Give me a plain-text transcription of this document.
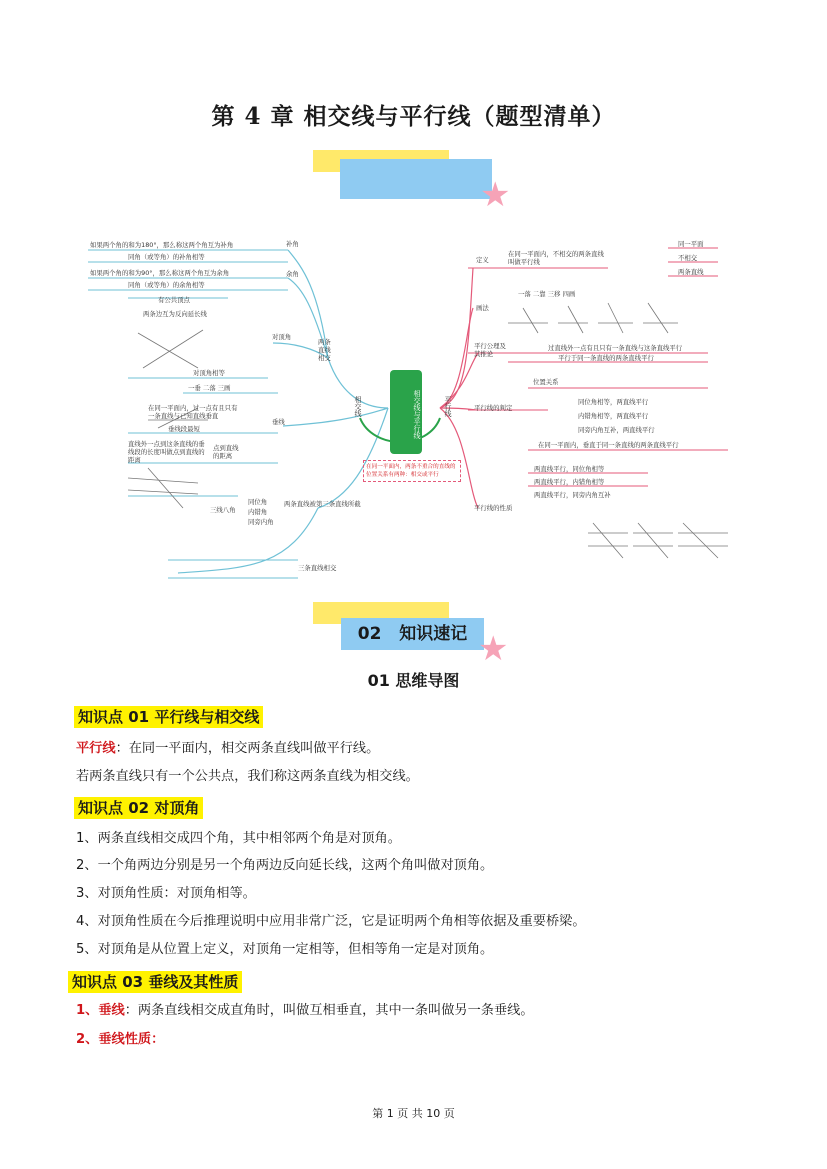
第 4 章 相交线与平行线（题型清单）
★
相交线与平行线
相交线	平行线
在同一平面内，两条不重合的直线的位置关系有两种：相交或平行
补角
余角
对顶角
垂线
两条直线相交
两条直线被第三条直线所截
三条直线相交
如果两个角的和为180°，那么称这两个角互为补角
同角（或等角）的补角相等
如果两个角的和为90°，那么称这两个角互为余角
同角（或等角）的余角相等
有公共顶点
两条边互为反向延长线
对顶角相等
一垂 二落 三画
在同一平面内，过一点有且只有一条直线与已知直线垂直
垂线段最短
点到直线的距离
直线外一点到这条直线的垂线段的长度叫做点到直线的距离
同位角
内错角
同旁内角
三线八角
定义
画法
平行公理及其推论
平行线的判定
平行线的性质
在同一平面内，不相交的两条直线叫做平行线
同一平面
不相交
两条直线
一落 二靠 三移 四画
过直线外一点有且只有一条直线与这条直线平行
平行于同一条直线的两条直线平行
位置关系
同位角相等，两直线平行
内错角相等，两直线平行
同旁内角互补，两直线平行
在同一平面内，垂直于同一条直线的两条直线平行
两直线平行，同位角相等
两直线平行，内错角相等
两直线平行，同旁内角互补
02 知识速记 ★
01 思维导图
知识点 01 平行线与相交线
平行线：在同一平面内，相交两条直线叫做平行线。
若两条直线只有一个公共点，我们称这两条直线为相交线。
知识点 02 对顶角
1、两条直线相交成四个角，其中相邻两个角是对顶角。
2、一个角两边分别是另一个角两边反向延长线，这两个角叫做对顶角。
3、对顶角性质：对顶角相等。
4、对顶角性质在今后推理说明中应用非常广泛，它是证明两个角相等依据及重要桥梁。
5、对顶角是从位置上定义，对顶角一定相等，但相等角一定是对顶角。
知识点 03 垂线及其性质
1、垂线：两条直线相交成直角时，叫做互相垂直，其中一条叫做另一条垂线。
2、垂线性质：
第 1 页 共 10 页
